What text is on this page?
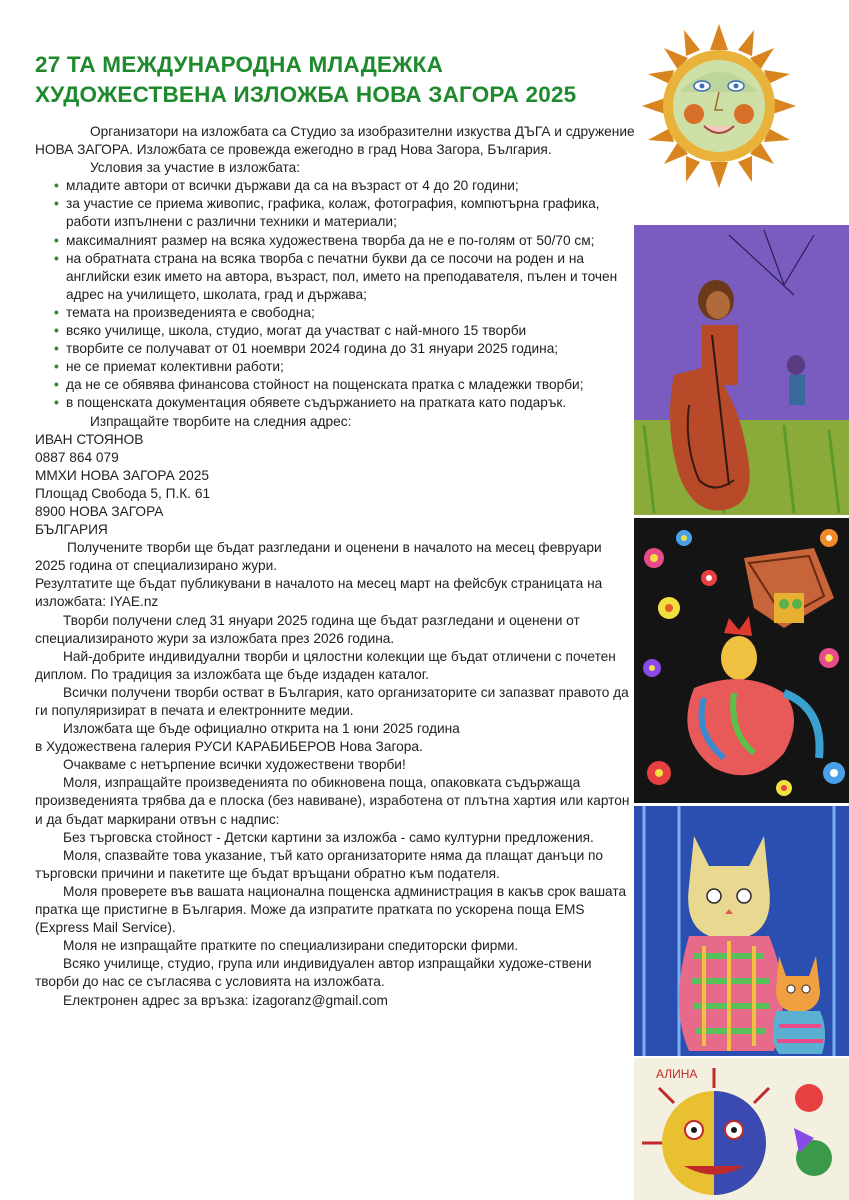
27 ТА МЕЖДУНАРОДНА МЛАДЕЖКА
ХУДОЖЕСТВЕНА ИЗЛОЖБА НОВА ЗАГОРА 2025

Организатори на изложбата са Студио за изобразителни изкуства ДЪГА и сдружение НОВА ЗАГОРА. Изложбата се провежда ежегодно в град Нова Загора, България.

Условия за участие в изложбата:

• младите автори от всички държави да са на възраст от 4 до 20 години;
• за участие се приема живопис, графика, колаж, фотография, компютърна графика, работи изпълнени с различни техники и материали;
• максималният размер на всяка художествена творба да не е по-голям от 50/70 см;
• на обратната страна на всяка творба с печатни букви да се посочи на роден и на английски език името на автора, възраст, пол, името на преподавателя, пълен и точен адрес на училището, школата, град и държава;
• темата на произведенията е свободна;
• всяко училище, школа, студио, могат да участват с най-много 15 творби
• творбите се получават от 01 ноември 2024 година до 31 януари 2025 година;
• не се приемат колективни работи;
• да не се обявява финансова стойност на пощенската пратка с младежки творби;
• в пощенската документация обявете съдържанието на пратката като подарък.

Изпращайте творбите на следния адрес:

ИВАН СТОЯНОВ

0887 864 079

ММХИ НОВА ЗАГОРА 2025

Площад Свобода 5, П.К. 61

8900 НОВА ЗАГОРА

БЪЛГАРИЯ

Получените творби ще бъдат разгледани и оценени в началото на месец февруари 2025 година от специализирано жури.

Резултатите ще бъдат публикувани в началото на месец март на фейсбук страницата на изложбата: IYAE.nz

Творби получени след 31 януари 2025 година ще бъдат разгледани и оценени от специализираното жури за изложбата през 2026 година.

Най-добрите индивидуални творби и цялостни колекции ще бъдат отличени с почетен диплом. По традиция за изложбата ще бъде издаден каталог.

Всички получени творби остват в България, като организаторите си запазват правото да ги популяризират в печата и електронните медии.

Изложбата ще бъде официално открита на 1 юни 2025 година

в Художествена галерия РУСИ КАРАБИБЕРОВ Нова Загора.

Очакваме с нетърпение всички художествени творби!

Моля, изпращайте произведенията по обикновена поща, опаковката съдържаща произведенията трябва да е плоска (без навиване), изработена от плътна хартия или картон и да бъдат маркирани отвън с надпис:

Без търговска стойност - Детски картини за изложба - само културни предложения.

Моля, спазвайте това указание, тъй като организаторите няма да плащат данъци по търговски причини и пакетите ще бъдат връщани обратно към подателя.

Моля проверете във вашата национална пощенска администрация в какъв срок вашата пратка ще пристигне в България. Може да изпратите пратката по ускорена поща EMS (Express Mail Service).

Моля не изпращайте пратките по специализирани спедиторски фирми.

Всяко училище, студио, група или индивидуален автор изпращайки художе-ствени творби до нас се съгласява с условията на изложбата.

Електронен адрес за връзка: izagoranz@gmail.com

АЛИНА
